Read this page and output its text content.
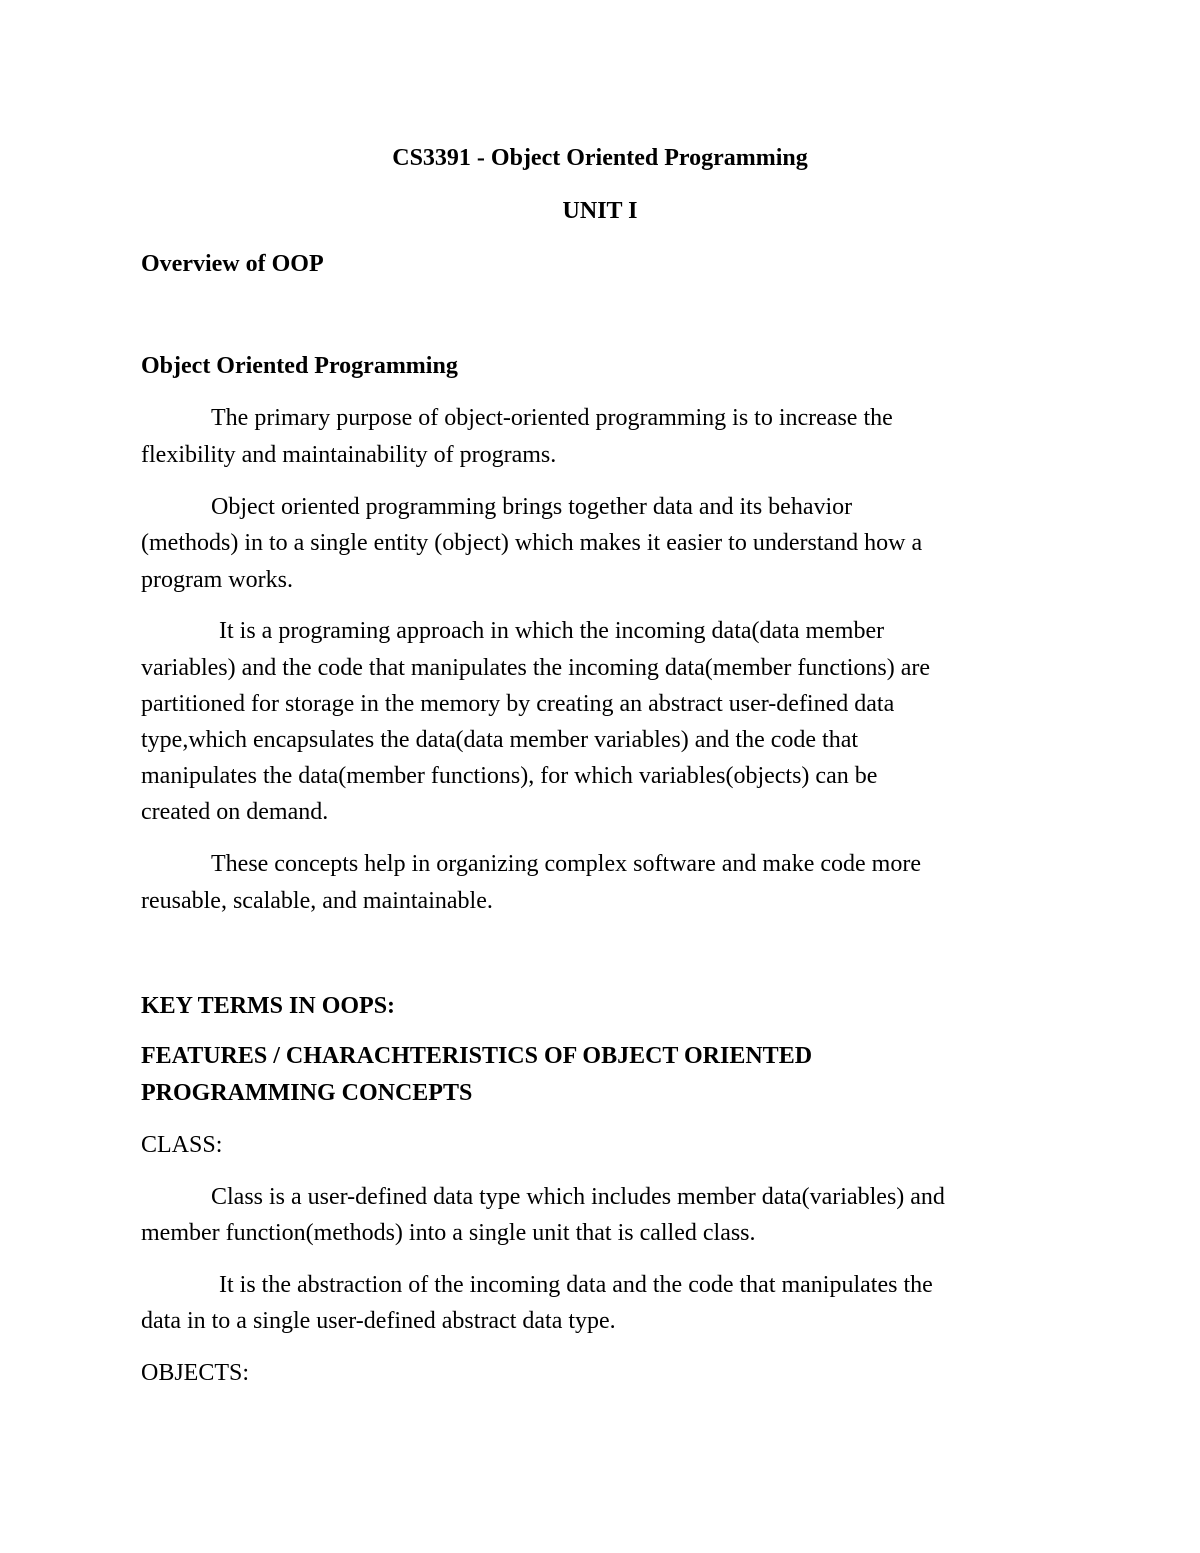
CS3391 - Object Oriented Programming

UNIT I

Overview of OOP

Object Oriented Programming

The primary purpose of object-oriented programming is to increase the

flexibility and maintainability of programs.

Object oriented programming brings together data and its behavior

(methods) in to a single entity (object) which makes it easier to understand how a

program works.

It is a programing approach in which the incoming data(data member

variables) and the code that manipulates the incoming data(member functions) are

partitioned for storage in the memory by creating an abstract user-defined data

type,which encapsulates the data(data member variables) and the code that

manipulates the data(member functions), for which variables(objects) can be

created on demand.

These concepts help in organizing complex software and make code more

reusable, scalable, and maintainable.

KEY TERMS IN OOPS:

FEATURES / CHARACHTERISTICS OF OBJECT ORIENTED

PROGRAMMING CONCEPTS

CLASS:

Class is a user-defined data type which includes member data(variables) and

member function(methods) into a single unit that is called class.

It is the abstraction of the incoming data and the code that manipulates the

data in to a single user-defined abstract data type.

OBJECTS:
